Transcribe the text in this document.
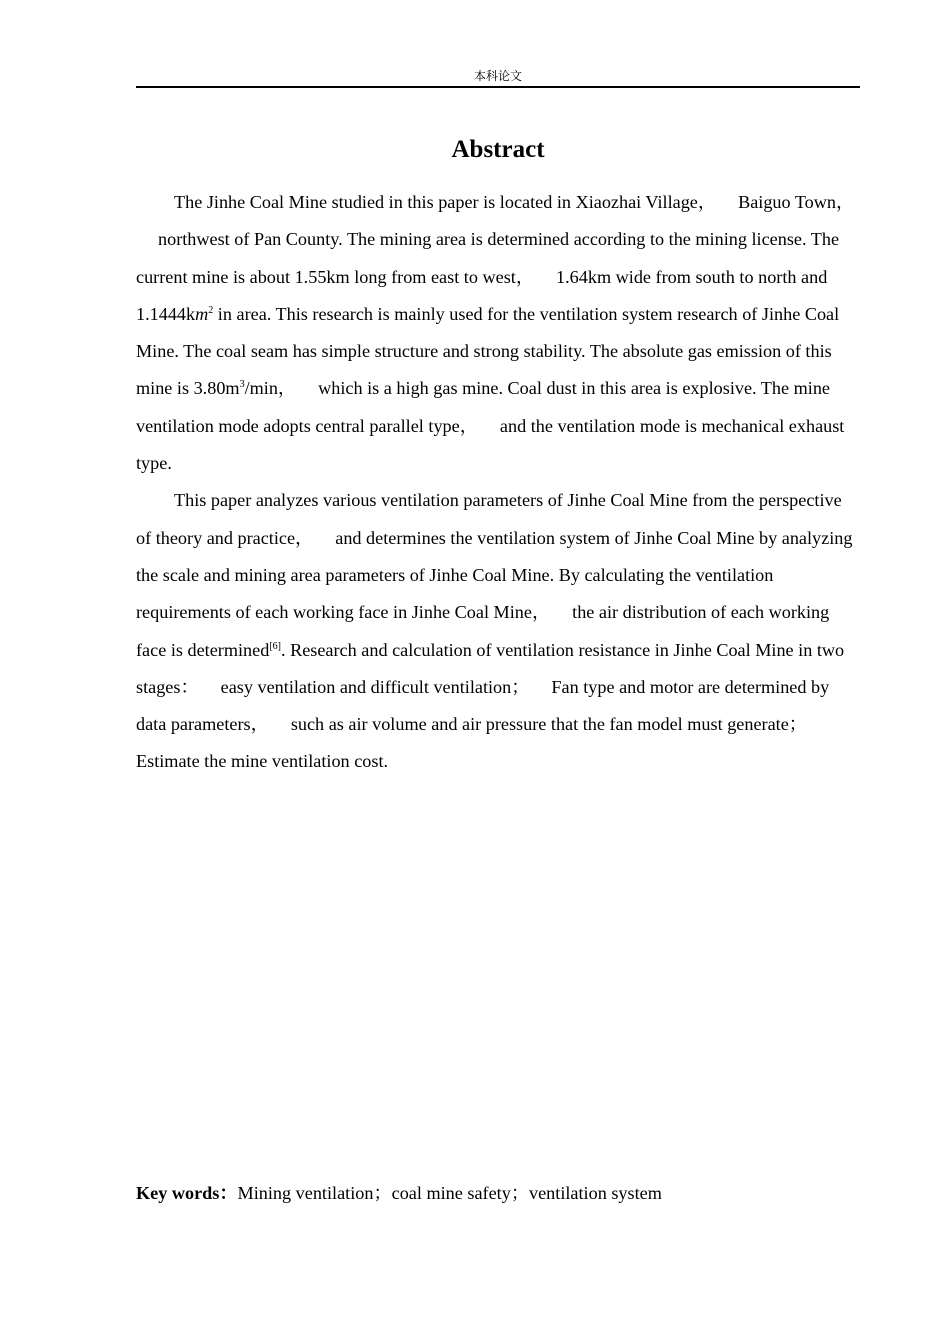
本科论文
Abstract

The Jinhe Coal Mine studied in this paper is located in Xiaozhai Village， Baiguo Town，northwest of Pan County. The mining area is determined according to the mining license. The current mine is about 1.55km long from east to west， 1.64km wide from south to north and $1.1444km^2$ in area. This research is mainly used for the ventilation system research of Jinhe Coal Mine. The coal seam has simple structure and strong stability. The absolute gas emission of this mine is $3.80m^3/\min$， which is a high gas mine. Coal dust in this area is explosive. The mine ventilation mode adopts central parallel type， and the ventilation mode is mechanical exhaust type.

This paper analyzes various ventilation parameters of Jinhe Coal Mine from the perspective of theory and practice， and determines the ventilation system of Jinhe Coal Mine by analyzing the scale and mining area parameters of Jinhe Coal Mine. By calculating the ventilation requirements of each working face in Jinhe Coal Mine， the air distribution of each working face is determined[6]. Research and calculation of ventilation resistance in Jinhe Coal Mine in two stages： easy ventilation and difficult ventilation； Fan type and motor are determined by data parameters， such as air volume and air pressure that the fan model must generate；Estimate the mine ventilation cost.

Key words：Mining ventilation；coal mine safety；ventilation system
